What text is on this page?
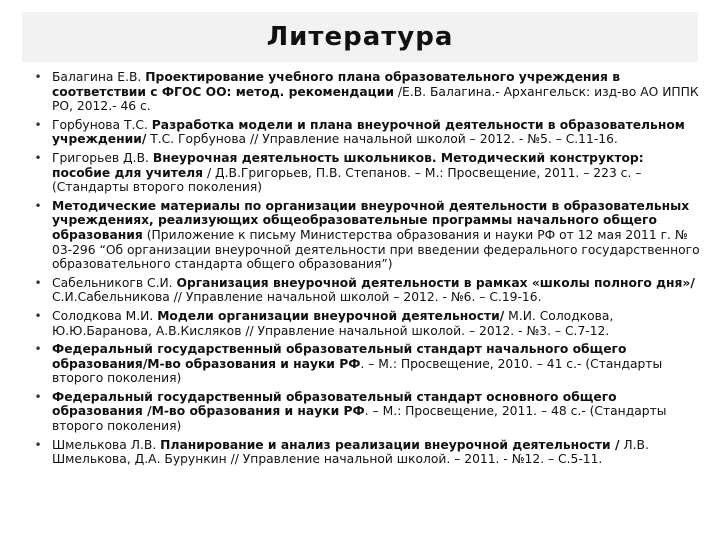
Литература
• Балагина Е.В. Проектирование учебного плана образовательного учреждения в соответствии с ФГОС ОО: метод. рекомендации /Е.В. Балагина.- Архангельск: изд-во АО ИППК РО, 2012.- 46 с.
• Горбунова Т.С. Разработка модели и плана внеурочной деятельности в образовательном учреждении/ Т.С. Горбунова // Управление начальной школой – 2012. - №5. – С.11-16.
• Григорьев Д.В. Внеурочная деятельность школьников. Методический конструктор: пособие для учителя / Д.В.Григорьев, П.В. Степанов. – М.: Просвещение, 2011. – 223 с. – (Стандарты второго поколения)
• Методические материалы по организации внеурочной деятельности в образовательных учреждениях, реализующих общеобразовательные программы начального общего образования (Приложение к письму Министерства образования и науки РФ от 12 мая 2011 г. № 03-296 “Об организации внеурочной деятельности при введении федерального государственного образовательного стандарта общего образования”)
• Сабельникогв С.И. Организация внеурочной деятельности в рамках «школы полного дня»/С.И.Сабельникова // Управление начальной школой – 2012. - №6. – С.19-16.
• Солодкова М.И. Модели организации внеурочной деятельности/ М.И. Солодкова, Ю.Ю.Баранова, А.В.Кисляков // Управление начальной школой. – 2012. - №3. – С.7-12.
• Федеральный государственный образовательный стандарт начального общего образования/М-во образования и науки РФ. – М.: Просвещение, 2010. – 41 с.- (Стандарты второго поколения)
• Федеральный государственный образовательный стандарт основного общего образования /М-во образования и науки РФ. – М.: Просвещение, 2011. – 48 с.- (Стандарты второго поколения)
• Шмелькова Л.В. Планирование и анализ реализации внеурочной деятельности / Л.В. Шмелькова, Д.А. Бурункин // Управление начальной школой. – 2011. - №12. – С.5-11.
